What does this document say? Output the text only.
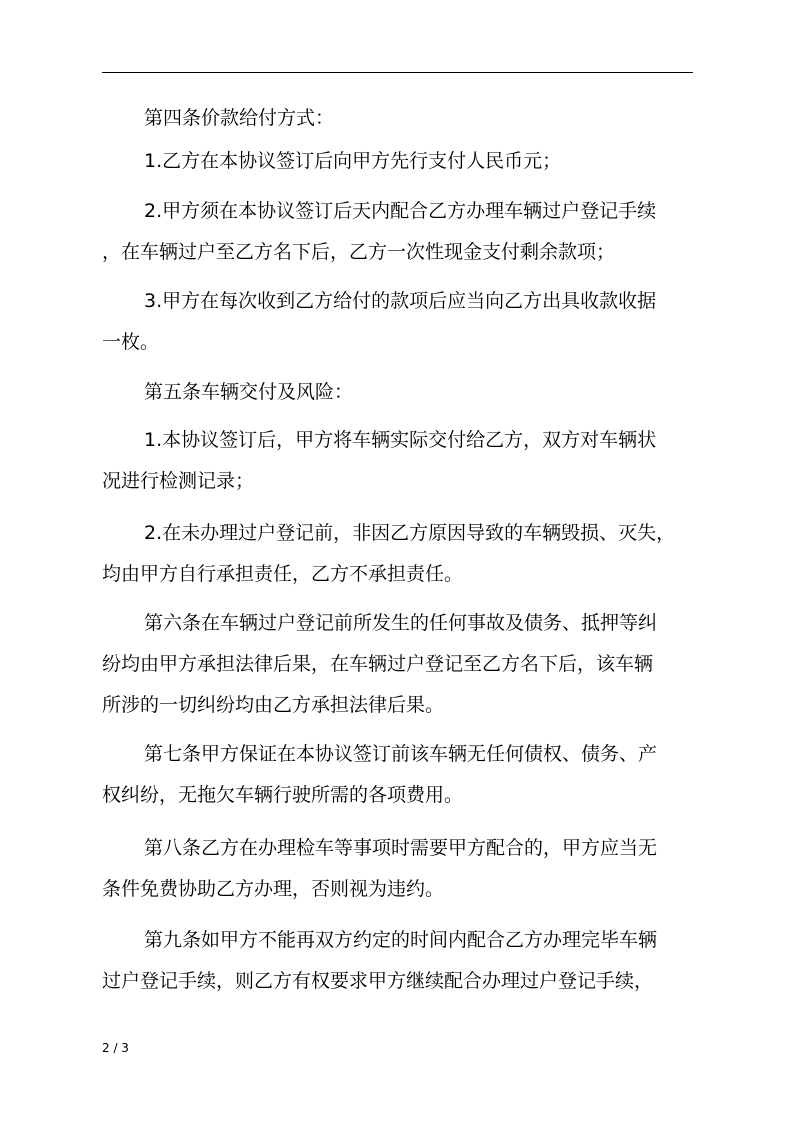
第四条价款给付方式：

1.乙方在本协议签订后向甲方先行支付人民币元；

2.甲方须在本协议签订后天内配合乙方办理车辆过户登记手续
，在车辆过户至乙方名下后，乙方一次性现金支付剩余款项；

3.甲方在每次收到乙方给付的款项后应当向乙方出具收款收据
一枚。

第五条车辆交付及风险：

1.本协议签订后，甲方将车辆实际交付给乙方，双方对车辆状
况进行检测记录；

2.在未办理过户登记前，非因乙方原因导致的车辆毁损、灭失，
均由甲方自行承担责任，乙方不承担责任。

第六条在车辆过户登记前所发生的任何事故及债务、抵押等纠
纷均由甲方承担法律后果，在车辆过户登记至乙方名下后，该车辆
所涉的一切纠纷均由乙方承担法律后果。

第七条甲方保证在本协议签订前该车辆无任何债权、债务、产
权纠纷，无拖欠车辆行驶所需的各项费用。

第八条乙方在办理检车等事项时需要甲方配合的，甲方应当无
条件免费协助乙方办理，否则视为违约。

第九条如甲方不能再双方约定的时间内配合乙方办理完毕车辆
过户登记手续，则乙方有权要求甲方继续配合办理过户登记手续，

2 / 3
